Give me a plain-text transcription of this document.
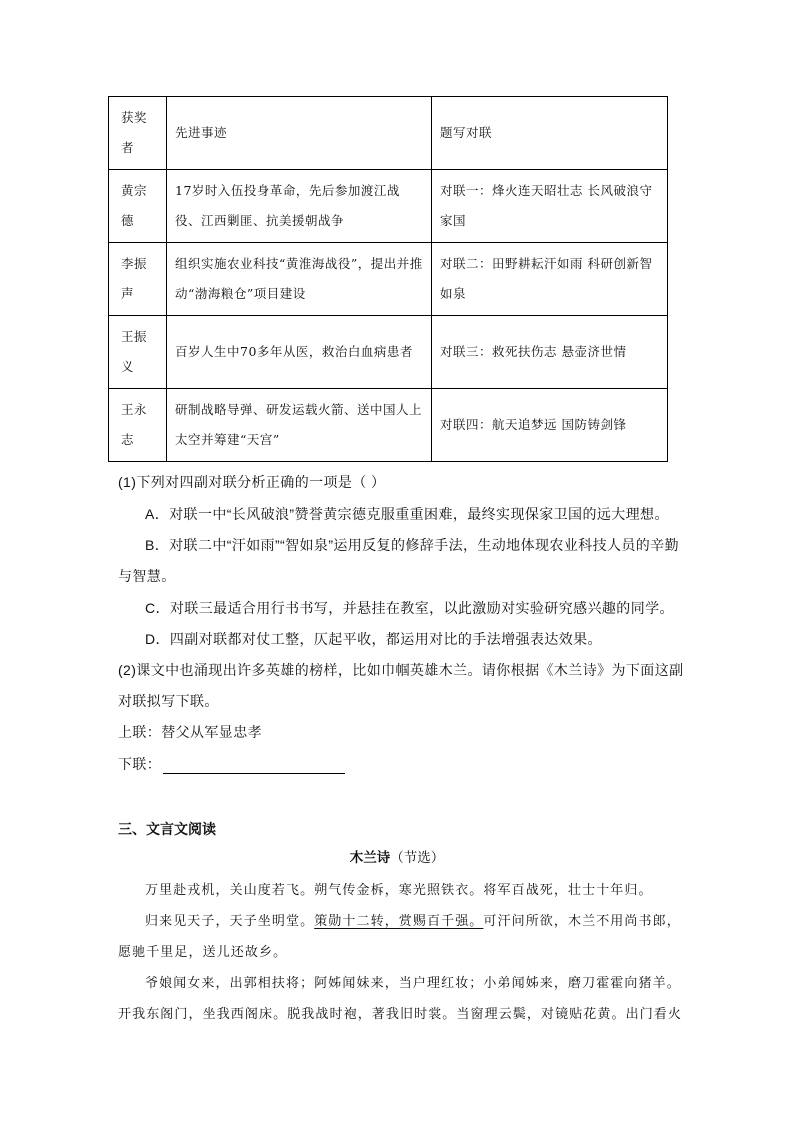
获奖者	先进事迹	题写对联
黄宗德	17岁时入伍投身革命，先后参加渡江战役、江西剿匪、抗美援朝战争	对联一：烽火连天昭壮志 长风破浪守家国
李振声	组织实施农业科技“黄淮海战役”，提出并推动“渤海粮仓”项目建设	对联二：田野耕耘汗如雨 科研创新智如泉
王振义	百岁人生中70多年从医，救治白血病患者	对联三：救死扶伤志 悬壶济世情
王永志	研制战略导弹、研发运载火箭、送中国人上太空并筹建“天宫”	对联四：航天追梦远 国防铸剑锋
(1)下列对四副对联分析正确的一项是（ ）
A．对联一中“长风破浪”赞誉黄宗德克服重重困难，最终实现保家卫国的远大理想。
B．对联二中“汗如雨”“智如泉”运用反复的修辞手法，生动地体现农业科技人员的辛勤
与智慧。
C．对联三最适合用行书书写，并悬挂在教室，以此激励对实验研究感兴趣的同学。
D．四副对联都对仗工整，仄起平收，都运用对比的手法增强表达效果。
(2)课文中也涌现出许多英雄的榜样，比如巾帼英雄木兰。请你根据《木兰诗》为下面这副
对联拟写下联。
上联：替父从军显忠孝
下联：
三、文言文阅读
木兰诗（节选）
万里赴戎机，关山度若飞。朔气传金柝，寒光照铁衣。将军百战死，壮士十年归。
归来见天子，天子坐明堂。策勋十二转，赏赐百千强。可汗问所欲，木兰不用尚书郎，
愿驰千里足，送儿还故乡。
爷娘闻女来，出郭相扶将；阿姊闻妹来，当户理红妆；小弟闻姊来，磨刀霍霍向猪羊。
开我东阁门，坐我西阁床。脱我战时袍，著我旧时裳。当窗理云鬓，对镜贴花黄。出门看火
